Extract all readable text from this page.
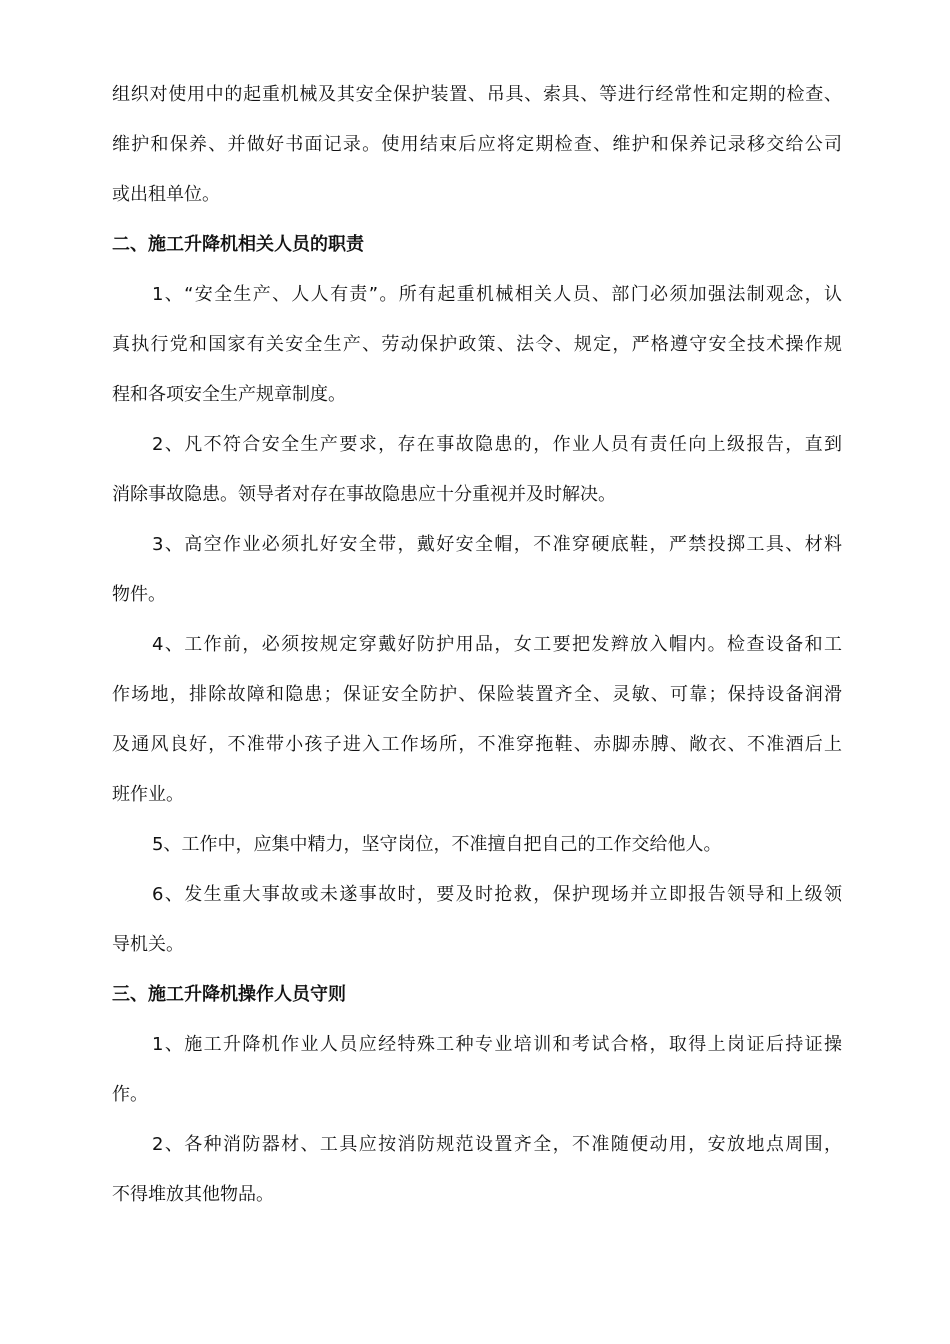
组织对使用中的起重机械及其安全保护装置、吊具、索具、等进行经常性和定期的检查、
维护和保养、并做好书面记录。使用结束后应将定期检查、维护和保养记录移交给公司
或出租单位。
二、施工升降机相关人员的职责
1、“安全生产、人人有责”。所有起重机械相关人员、部门必须加强法制观念，认
真执行党和国家有关安全生产、劳动保护政策、法令、规定，严格遵守安全技术操作规
程和各项安全生产规章制度。
2、凡不符合安全生产要求，存在事故隐患的，作业人员有责任向上级报告，直到
消除事故隐患。领导者对存在事故隐患应十分重视并及时解决。
3、高空作业必须扎好安全带，戴好安全帽，不准穿硬底鞋，严禁投掷工具、材料
物件。
4、工作前，必须按规定穿戴好防护用品，女工要把发辫放入帽内。检查设备和工
作场地，排除故障和隐患；保证安全防护、保险装置齐全、灵敏、可靠；保持设备润滑
及通风良好，不准带小孩子进入工作场所，不准穿拖鞋、赤脚赤膊、敞衣、不准酒后上
班作业。
5、工作中，应集中精力，坚守岗位，不准擅自把自己的工作交给他人。
6、发生重大事故或未遂事故时，要及时抢救，保护现场并立即报告领导和上级领
导机关。
三、施工升降机操作人员守则
1、施工升降机作业人员应经特殊工种专业培训和考试合格，取得上岗证后持证操
作。
2、各种消防器材、工具应按消防规范设置齐全，不准随便动用，安放地点周围，
不得堆放其他物品。
